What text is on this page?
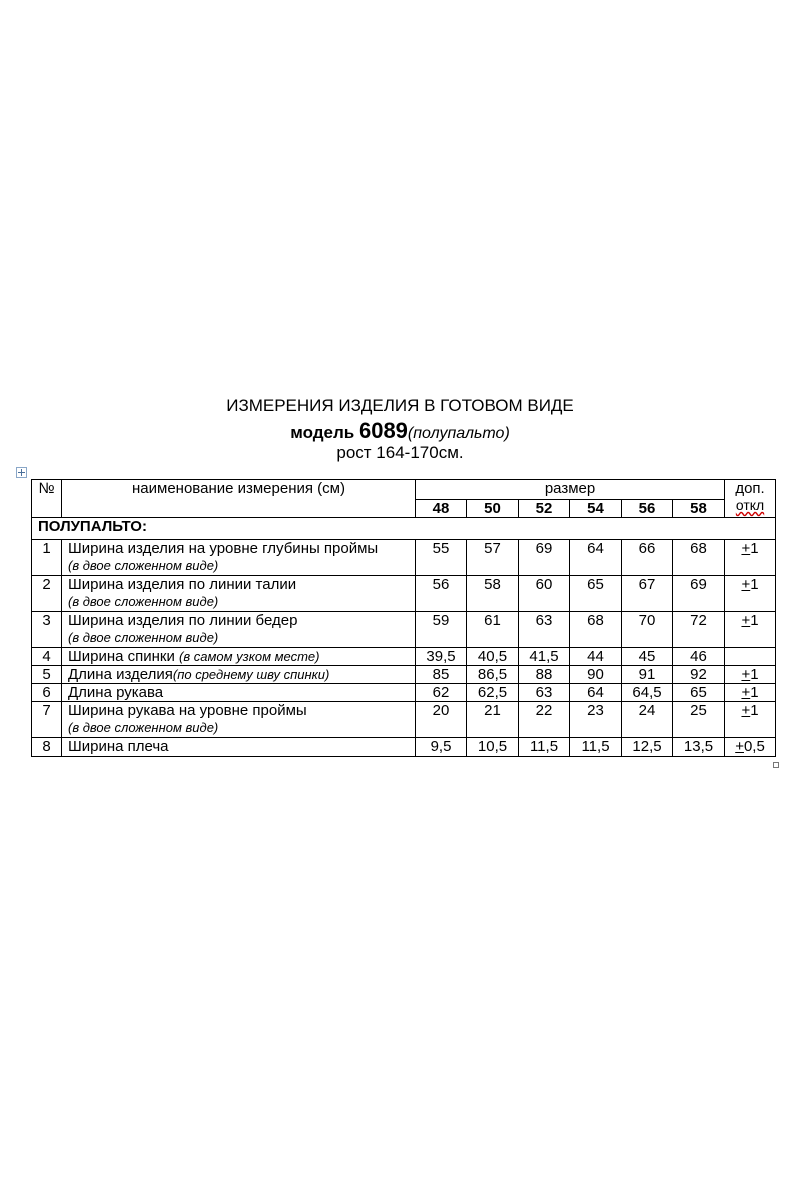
ИЗМЕРЕНИЯ ИЗДЕЛИЯ В ГОТОВОМ ВИДЕ
модель 6089(полупальто)
рост 164-170см.
№	наименование измерения (см)	размер						доп.
откл
		48	50	52	54	56	58	
ПОЛУПАЛЬТО:								
1	Ширина изделия на уровне глубины проймы
(в двое сложенном виде)	55	57	69	64	66	68	+1
2	Ширина изделия по линии талии
(в двое сложенном виде)	56	58	60	65	67	69	+1
3	Ширина изделия по линии бедер
(в двое сложенном виде)	59	61	63	68	70	72	+1
4	Ширина спинки (в самом узком месте)	39,5	40,5	41,5	44	45	46	
5	Длина изделия(по среднему шву спинки)	85	86,5	88	90	91	92	+1
6	Длина рукава	62	62,5	63	64	64,5	65	+1
7	Ширина рукава на уровне проймы
(в двое сложенном виде)	20	21	22	23	24	25	+1
8	Ширина плеча	9,5	10,5	11,5	11,5	12,5	13,5	+0,5
